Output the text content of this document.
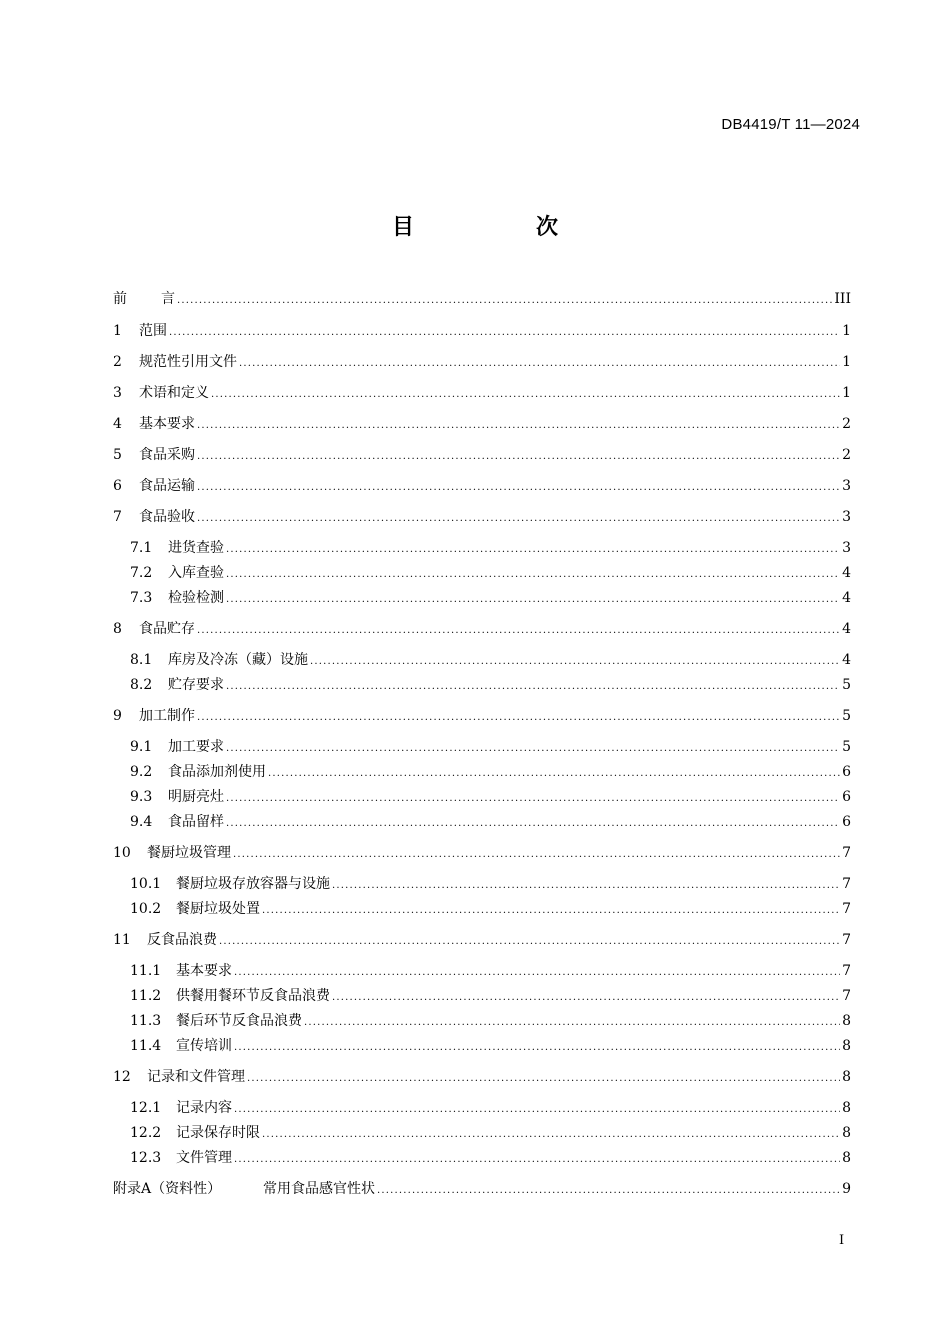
DB4419/T 11—2024
目　次
前	言 .....	III
1	范围 .....	1
2	规范性引用文件 .....	1
3	术语和定义 .....	1
4	基本要求 .....	2
5	食品采购 .....	2
6	食品运输 .....	3
7	食品验收 .....	3
7.1	进货查验 .....	3
7.2	入库查验 .....	4
7.3	检验检测 .....	4
8	食品贮存 .....	4
8.1	库房及冷冻（藏）设施 .....	4
8.2	贮存要求 .....	5
9	加工制作 .....	5
9.1	加工要求 .....	5
9.2	食品添加剂使用 .....	6
9.3	明厨亮灶 .....	6
9.4	食品留样 .....	6
10	餐厨垃圾管理 .....	7
10.1	餐厨垃圾存放容器与设施 .....	7
10.2	餐厨垃圾处置 .....	7
11	反食品浪费 .....	7
11.1	基本要求 .....	7
11.2	供餐用餐环节反食品浪费 .....	7
11.3	餐后环节反食品浪费 .....	8
11.4	宣传培训 .....	8
12	记录和文件管理 .....	8
12.1	记录内容 .....	8
12.2	记录保存时限 .....	8
12.3	文件管理 .....	8
附录A（资料性）	常用食品感官性状 .....	9
I
